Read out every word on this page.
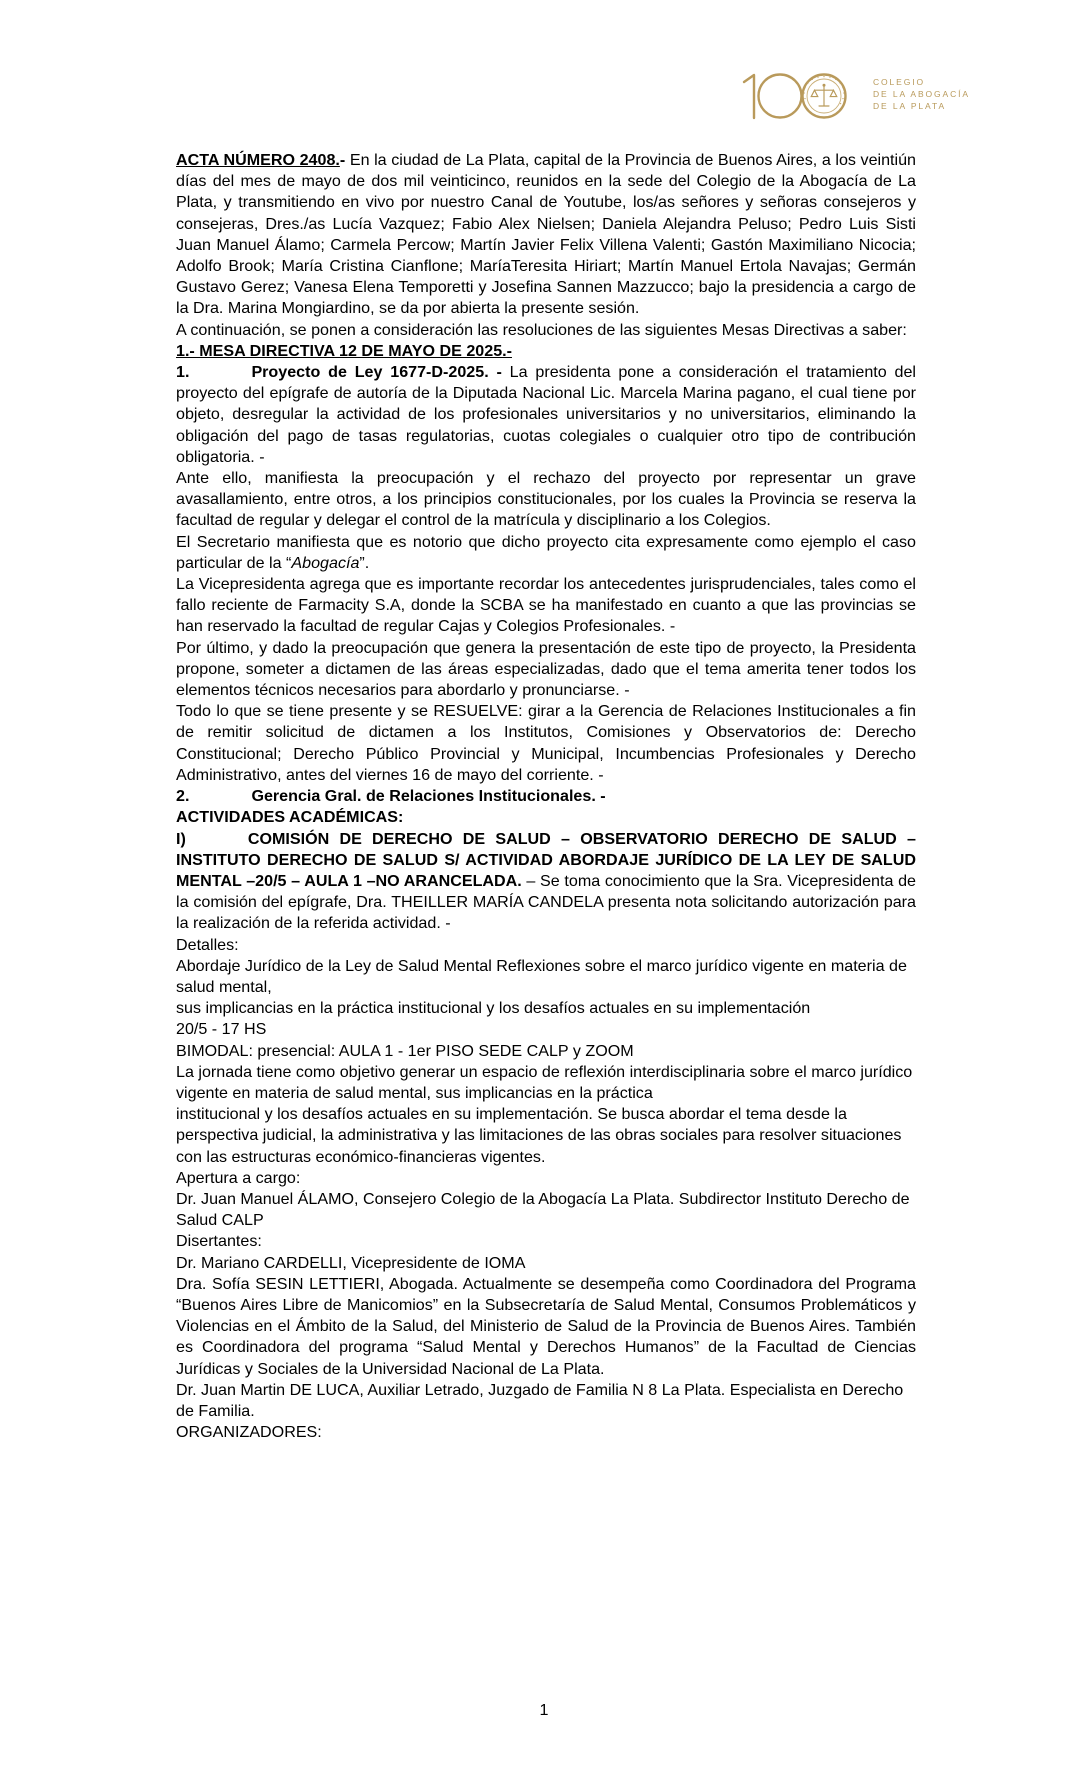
COLEGIO
DE LA ABOGACÍA
DE LA PLATA

ACTA NÚMERO 2408.- En la ciudad de La Plata, capital de la Provincia de Buenos Aires, a los veintiún días del mes de mayo de dos mil veinticinco, reunidos en la sede del Colegio de la Abogacía de La Plata, y transmitiendo en vivo por nuestro Canal de Youtube, los/as señores y señoras consejeros y consejeras, Dres./as Lucía Vazquez; Fabio Alex Nielsen; Daniela Alejandra Peluso; Pedro Luis Sisti Juan Manuel Álamo; Carmela Percow; Martín Javier Felix Villena Valenti; Gastón Maximiliano Nicocia; Adolfo Brook; María Cristina Cianflone; MaríaTeresita Hiriart; Martín Manuel Ertola Navajas; Germán Gustavo Gerez; Vanesa Elena Temporetti y Josefina Sannen Mazzucco; bajo la presidencia a cargo de la Dra. Marina Mongiardino, se da por abierta la presente sesión.

A continuación, se ponen a consideración las resoluciones de las siguientes Mesas Directivas a saber:

1.- MESA DIRECTIVA 12 DE MAYO DE 2025.-

1.	Proyecto de Ley 1677-D-2025. - La presidenta pone a consideración el tratamiento del proyecto del epígrafe de autoría de la Diputada Nacional Lic. Marcela Marina pagano, el cual tiene por objeto, desregular la actividad de los profesionales universitarios y no universitarios, eliminando la obligación del pago de tasas regulatorias, cuotas colegiales o cualquier otro tipo de contribución obligatoria. -

Ante ello, manifiesta la preocupación y el rechazo del proyecto por representar un grave avasallamiento, entre otros, a los principios constitucionales, por los cuales la Provincia se reserva la facultad de regular y delegar el control de la matrícula y disciplinario a los Colegios.

El Secretario manifiesta que es notorio que dicho proyecto cita expresamente como ejemplo el caso particular de la “Abogacía”.

La Vicepresidenta agrega que es importante recordar los antecedentes jurisprudenciales, tales como el fallo reciente de Farmacity S.A, donde la SCBA se ha manifestado en cuanto a que las provincias se han reservado la facultad de regular Cajas y Colegios Profesionales. -

Por último, y dado la preocupación que genera la presentación de este tipo de proyecto, la Presidenta propone, someter a dictamen de las áreas especializadas, dado que el tema amerita tener todos los elementos técnicos necesarios para abordarlo y pronunciarse. -

Todo lo que se tiene presente y se RESUELVE: girar a la Gerencia de Relaciones Institucionales a fin de remitir solicitud de dictamen a los Institutos, Comisiones y Observatorios de: Derecho Constitucional; Derecho Público Provincial y Municipal, Incumbencias Profesionales y Derecho Administrativo, antes del viernes 16 de mayo del corriente. -

2.	Gerencia Gral. de Relaciones Institucionales. -

ACTIVIDADES ACADÉMICAS:

I)	COMISIÓN DE DERECHO DE SALUD – OBSERVATORIO DERECHO DE SALUD – INSTITUTO DERECHO DE SALUD S/ ACTIVIDAD ABORDAJE JURÍDICO DE LA LEY DE SALUD MENTAL –20/5 – AULA 1 –NO ARANCELADA. – Se toma conocimiento que la Sra. Vicepresidenta de la comisión del epígrafe, Dra. THEILLER MARÍA CANDELA presenta nota solicitando autorización para la realización de la referida actividad. -

Detalles:

Abordaje Jurídico de la Ley de Salud Mental Reflexiones sobre el marco jurídico vigente en materia de salud mental,

sus implicancias en la práctica institucional y los desafíos actuales en su implementación

20/5 - 17 HS

BIMODAL: presencial: AULA 1 - 1er PISO SEDE CALP y ZOOM

La jornada tiene como objetivo generar un espacio de reflexión interdisciplinaria sobre el marco jurídico vigente en materia de salud mental, sus implicancias en la práctica

institucional y los desafíos actuales en su implementación. Se busca abordar el tema desde la perspectiva judicial, la administrativa y las limitaciones de las obras sociales para resolver situaciones con las estructuras económico-financieras vigentes.

Apertura a cargo:

Dr. Juan Manuel ÁLAMO, Consejero Colegio de la Abogacía La Plata. Subdirector Instituto Derecho de Salud CALP

Disertantes:

Dr. Mariano CARDELLI, Vicepresidente de IOMA

Dra. Sofía SESIN LETTIERI, Abogada. Actualmente se desempeña como Coordinadora del Programa “Buenos Aires Libre de Manicomios” en la Subsecretaría de Salud Mental, Consumos Problemáticos y Violencias en el Ámbito de la Salud, del Ministerio de Salud de la Provincia de Buenos Aires. También es Coordinadora del programa “Salud Mental y Derechos Humanos” de la Facultad de Ciencias Jurídicas y Sociales de la Universidad Nacional de La Plata.

Dr. Juan Martin DE LUCA, Auxiliar Letrado, Juzgado de Familia N 8 La Plata. Especialista en Derecho de Familia.

ORGANIZADORES:

1
